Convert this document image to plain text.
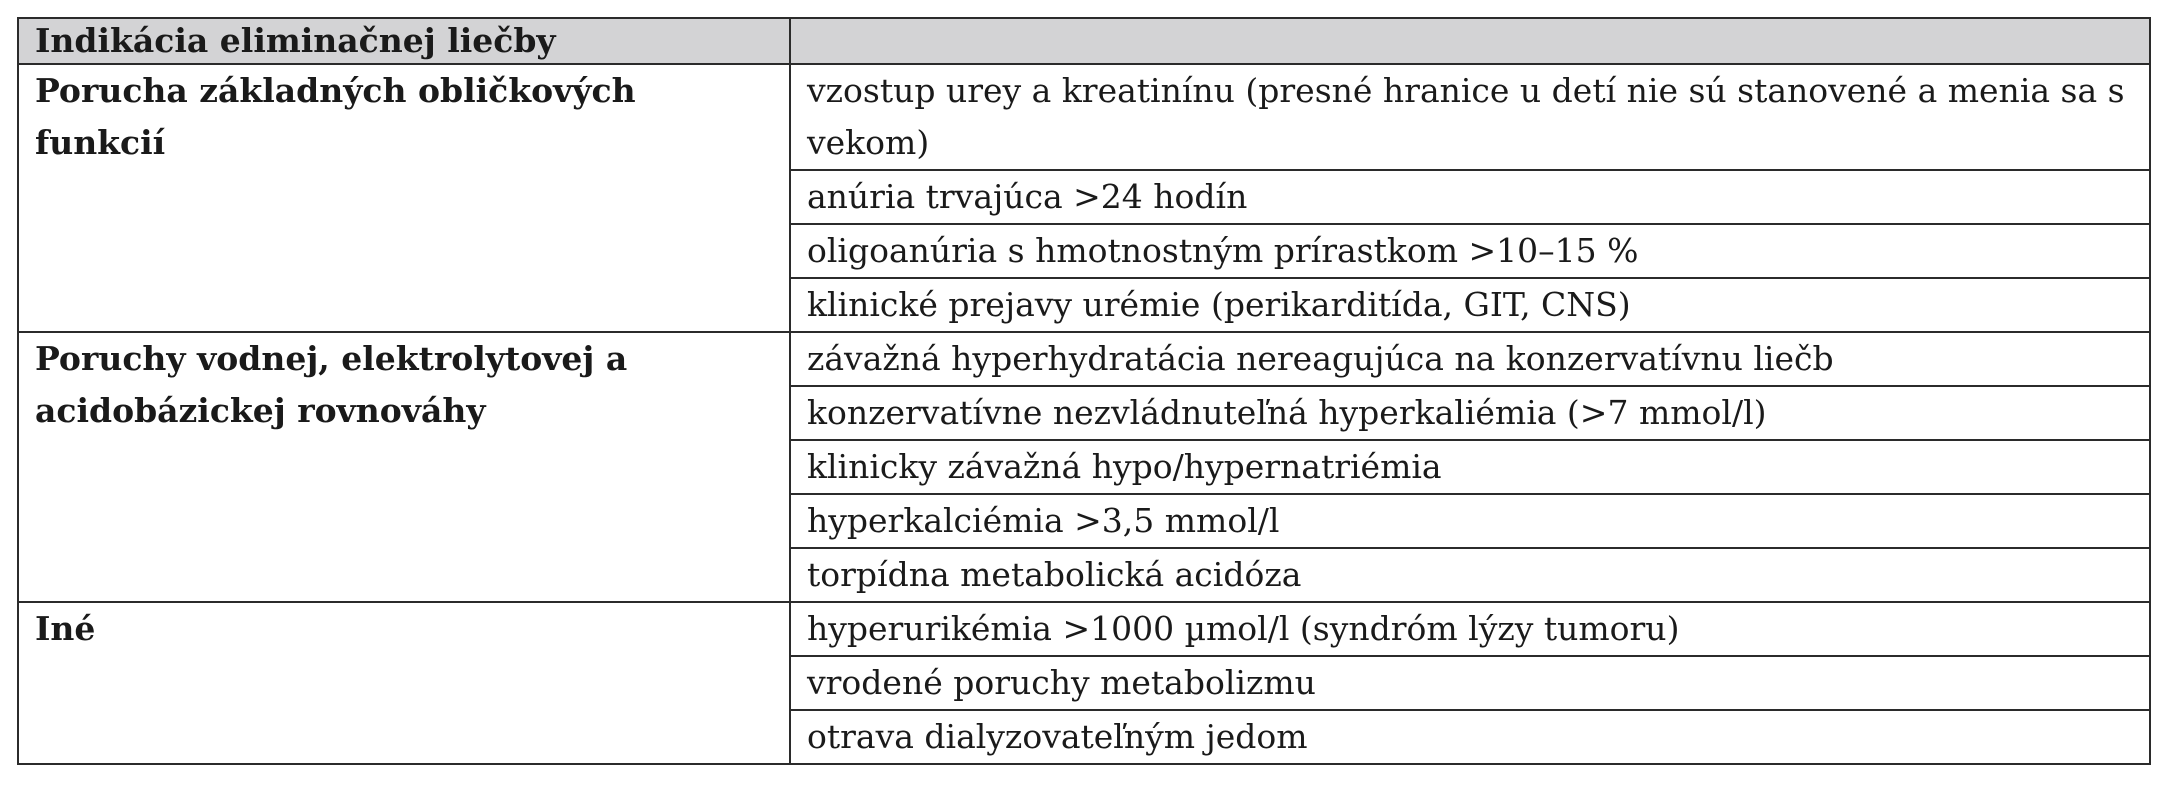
Indikácia eliminačnej liečby	
Porucha základných obličkových funkcií	vzostup urey a kreatinínu (presné hranice u detí nie sú stanovené a menia sa s vekom)
	anúria trvajúca >24 hodín
	oligoanúria s hmotnostným prírastkom >10–15 %
	klinické prejavy urémie (perikarditída, GIT, CNS)
Poruchy vodnej, elektrolytovej a acidobázickej rovnováhy	závažná hyperhydratácia nereagujúca na konzervatívnu liečb
	konzervatívne nezvládnuteľná hyperkaliémia (>7 mmol/l)
	klinicky závažná hypo/hypernatriémia
	hyperkalciémia >3,5 mmol/l
	torpídna metabolická acidóza
Iné	hyperurikémia >1000 µmol/l (syndróm lýzy tumoru)
	vrodené poruchy metabolizmu
	otrava dialyzovateľným jedom
